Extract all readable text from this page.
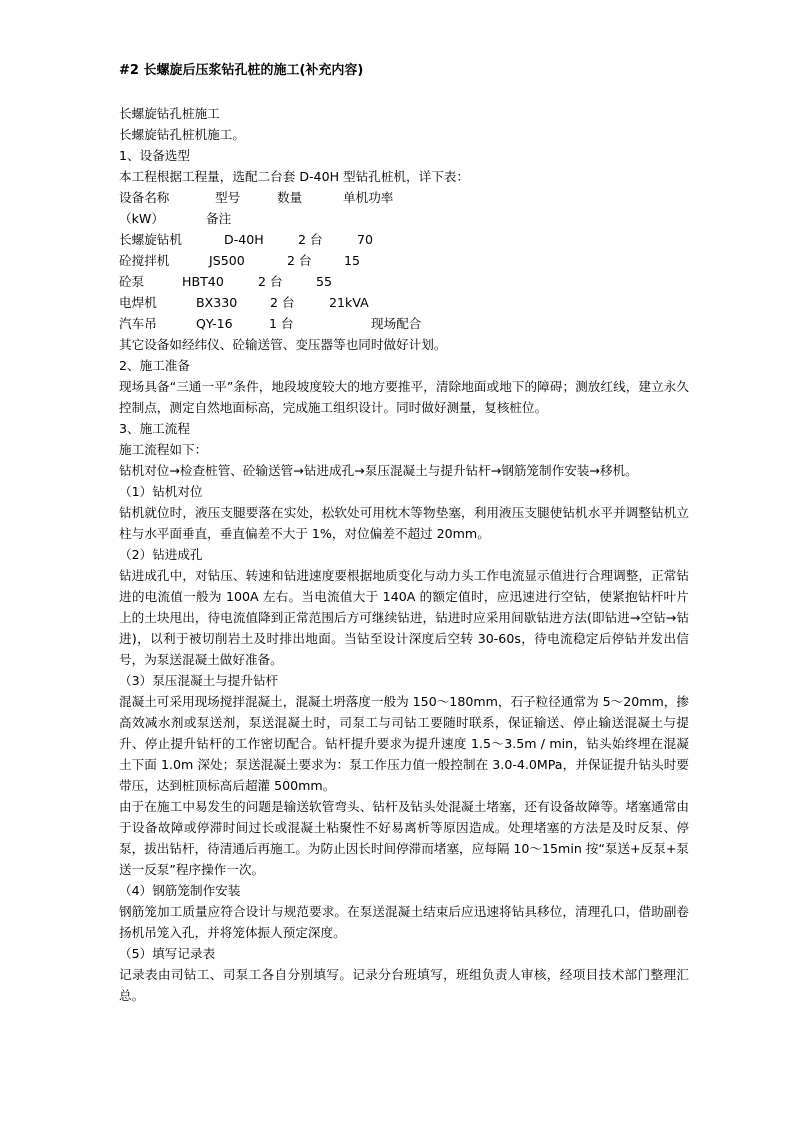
#2 长螺旋后压浆钻孔桩的施工(补充内容)
长螺旋钻孔桩施工
长螺旋钻孔桩机施工。
1、设备选型
本工程根据工程量，选配二台套 D-40H 型钻孔桩机，详下表：
设备名称	型号	数量	单机功率
（kW）	备注
长螺旋钻机	D-40H	2 台	70
砼搅拌机	JS500	2 台	15
砼泵	HBT40	2 台	55
电焊机	BX330	2 台	21kVA
汽车吊	QY-16	1 台	现场配合
其它设备如经纬仪、砼输送管、变压器等也同时做好计划。
2、施工准备
现场具备“三通一平”条件，地段坡度较大的地方要推平，清除地面或地下的障碍；测放红线，建立永久控制点，测定自然地面标高，完成施工组织设计。同时做好测量，复核桩位。
3、施工流程
施工流程如下：
钻机对位→检查桩管、砼输送管→钻进成孔→泵压混凝土与提升钻杆→钢筋笼制作安装→移机。
（1）钻机对位
钻机就位时，液压支腿要落在实处，松软处可用枕木等物垫塞，利用液压支腿使钻机水平并调整钻机立柱与水平面垂直，垂直偏差不大于 1%，对位偏差不超过 20mm。
（2）钻进成孔
钻进成孔中，对钻压、转速和钻进速度要根据地质变化与动力头工作电流显示值进行合理调整，正常钻进的电流值一般为 100A 左右。当电流值大于 140A 的额定值时，应迅速进行空钻，使紧抱钻杆叶片上的土块甩出，待电流值降到正常范围后方可继续钻进，钻进时应采用间歇钻进方法(即钻进→空钻→钻进)，以利于被切削岩土及时排出地面。当钻至设计深度后空转 30-60s，待电流稳定后停钻并发出信号，为泵送混凝土做好准备。
（3）泵压混凝土与提升钻杆
混凝土可采用现场搅拌混凝土，混凝土坍落度一般为 150～180mm，石子粒径通常为 5～20mm，掺高效减水剂或泵送剂，泵送混凝土时，司泵工与司钻工要随时联系，保证输送、停止输送混凝土与提升、停止提升钻杆的工作密切配合。钻杆提升要求为提升速度 1.5～3.5m / min，钻头始终埋在混凝土下面 1.0m 深处；泵送混凝土要求为：泵工作压力值一般控制在 3.0-4.0MPa，并保证提升钻头时要带压，达到桩顶标高后超灌 500mm。
由于在施工中易发生的问题是输送软管弯头、钻杆及钻头处混凝土堵塞，还有设备故障等。堵塞通常由于设备故障或停滞时间过长或混凝土粘聚性不好易离析等原因造成。处理堵塞的方法是及时反泵、停泵，拔出钻杆，待清通后再施工。为防止因长时间停滞而堵塞，应每隔 10～15min 按“泵送+反泵+泵送一反泵”程序操作一次。
（4）钢筋笼制作安装
钢筋笼加工质量应符合设计与规范要求。在泵送混凝土结束后应迅速将钻具移位，清理孔口，借助副卷扬机吊笼入孔，并将笼体振人预定深度。
（5）填写记录表
记录表由司钻工、司泵工各自分别填写。记录分台班填写，班组负责人审核，经项目技术部门整理汇总。
